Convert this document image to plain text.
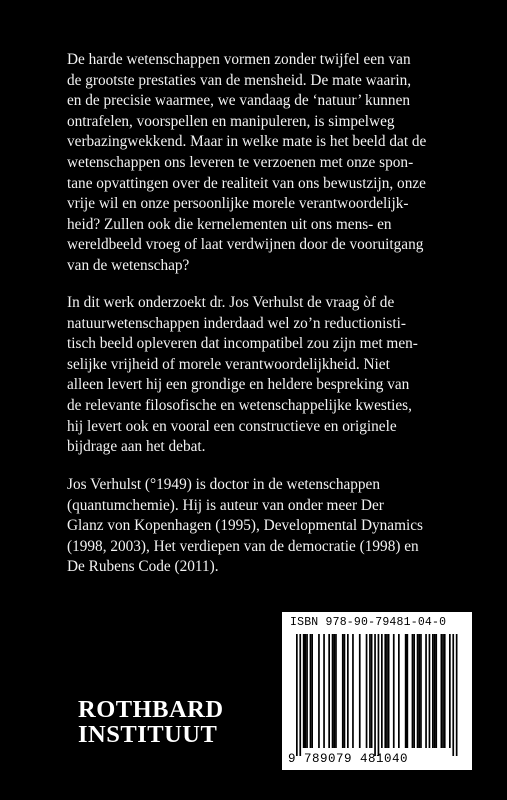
De harde wetenschappen vormen zonder twijfel een van
de grootste prestaties van de mensheid. De mate waarin,
en de precisie waarmee, we vandaag de ‘natuur’ kunnen
ontrafelen, voorspellen en manipuleren, is simpelweg
verbazingwekkend. Maar in welke mate is het beeld dat de
wetenschappen ons leveren te verzoenen met onze spon-
tane opvattingen over de realiteit van ons bewustzijn, onze
vrije wil en onze persoonlijke morele verantwoordelijk-
heid? Zullen ook die kernelementen uit ons mens- en
wereldbeeld vroeg of laat verdwijnen door de vooruitgang
van de wetenschap?
In dit werk onderzoekt dr. Jos Verhulst de vraag òf de
natuurwetenschappen inderdaad wel zo’n reductionisti-
tisch beeld opleveren dat incompatibel zou zijn met men-
selijke vrijheid of morele verantwoordelijkheid. Niet
alleen levert hij een grondige en heldere bespreking van
de relevante filosofische en wetenschappelijke kwesties,
hij levert ook en vooral een constructieve en originele
bijdrage aan het debat.
Jos Verhulst (°1949) is doctor in de wetenschappen
(quantumchemie). Hij is auteur van onder meer Der
Glanz von Kopenhagen (1995), Developmental Dynamics
(1998, 2003), Het verdiepen van de democratie (1998) en
De Rubens Code (2011).
ROTHBARD
INSTITUUT
ISBN 978-90-79481-04-0
9 789079 481040
